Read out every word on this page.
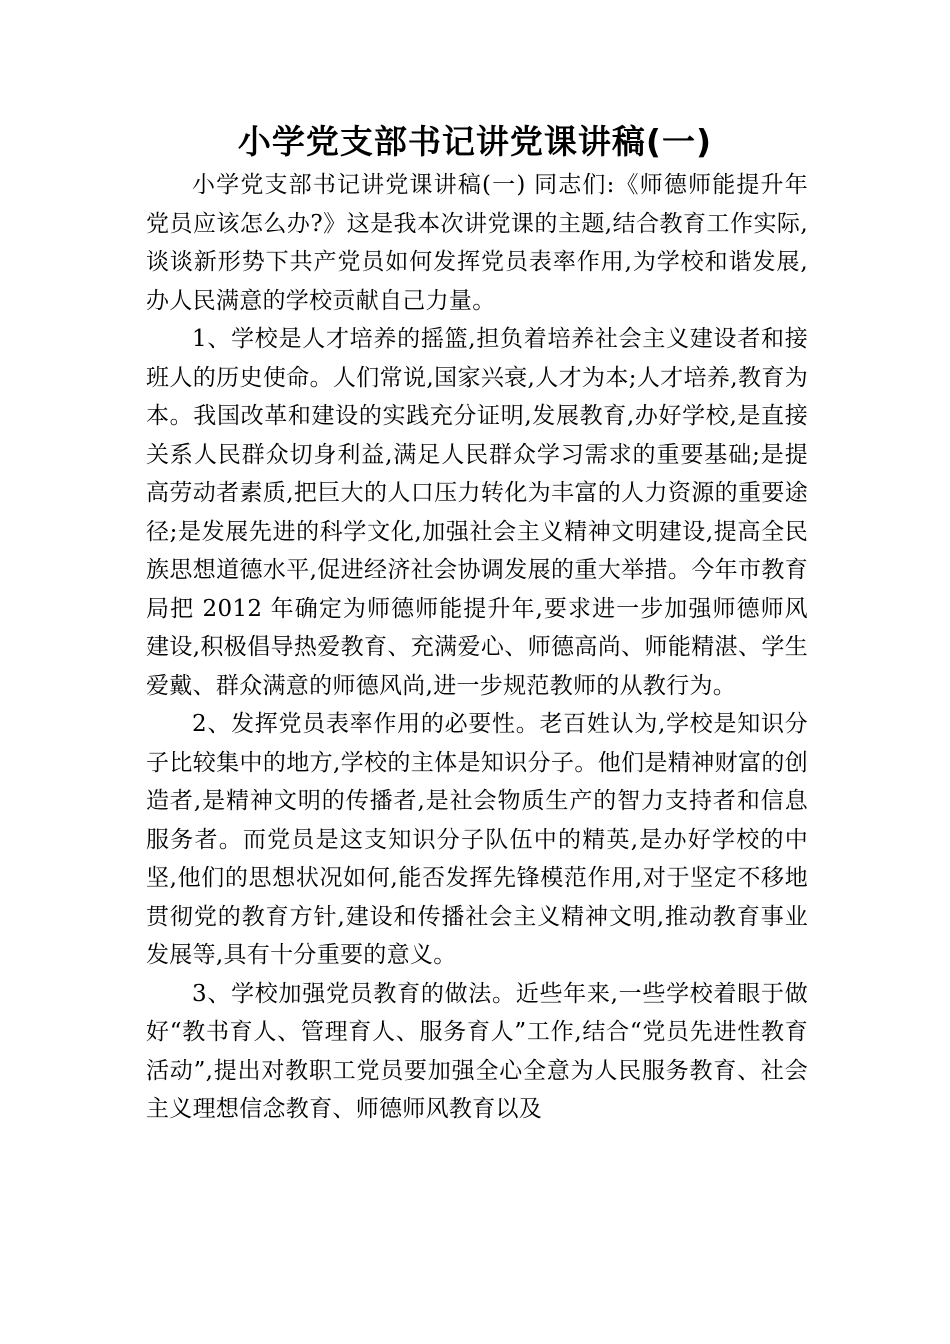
小学党支部书记讲党课讲稿(一)

小学党支部书记讲党课讲稿(一) 同志们:《师德师能提升年党员应该怎么办?》这是我本次讲党课的主题,结合教育工作实际,谈谈新形势下共产党员如何发挥党员表率作用,为学校和谐发展,办人民满意的学校贡献自己力量。

1、学校是人才培养的摇篮,担负着培养社会主义建设者和接班人的历史使命。人们常说,国家兴衰,人才为本;人才培养,教育为本。我国改革和建设的实践充分证明,发展教育,办好学校,是直接关系人民群众切身利益,满足人民群众学习需求的重要基础;是提高劳动者素质,把巨大的人口压力转化为丰富的人力资源的重要途径;是发展先进的科学文化,加强社会主义精神文明建设,提高全民族思想道德水平,促进经济社会协调发展的重大举措。今年市教育局把 2012 年确定为师德师能提升年,要求进一步加强师德师风建设,积极倡导热爱教育、充满爱心、师德高尚、师能精湛、学生爱戴、群众满意的师德风尚,进一步规范教师的从教行为。

2、发挥党员表率作用的必要性。老百姓认为,学校是知识分子比较集中的地方,学校的主体是知识分子。他们是精神财富的创造者,是精神文明的传播者,是社会物质生产的智力支持者和信息服务者。而党员是这支知识分子队伍中的精英,是办好学校的中坚,他们的思想状况如何,能否发挥先锋模范作用,对于坚定不移地贯彻党的教育方针,建设和传播社会主义精神文明,推动教育事业发展等,具有十分重要的意义。

3、学校加强党员教育的做法。近些年来,一些学校着眼于做好“教书育人、管理育人、服务育人”工作,结合“党员先进性教育活动”,提出对教职工党员要加强全心全意为人民服务教育、社会主义理想信念教育、师德师风教育以及
